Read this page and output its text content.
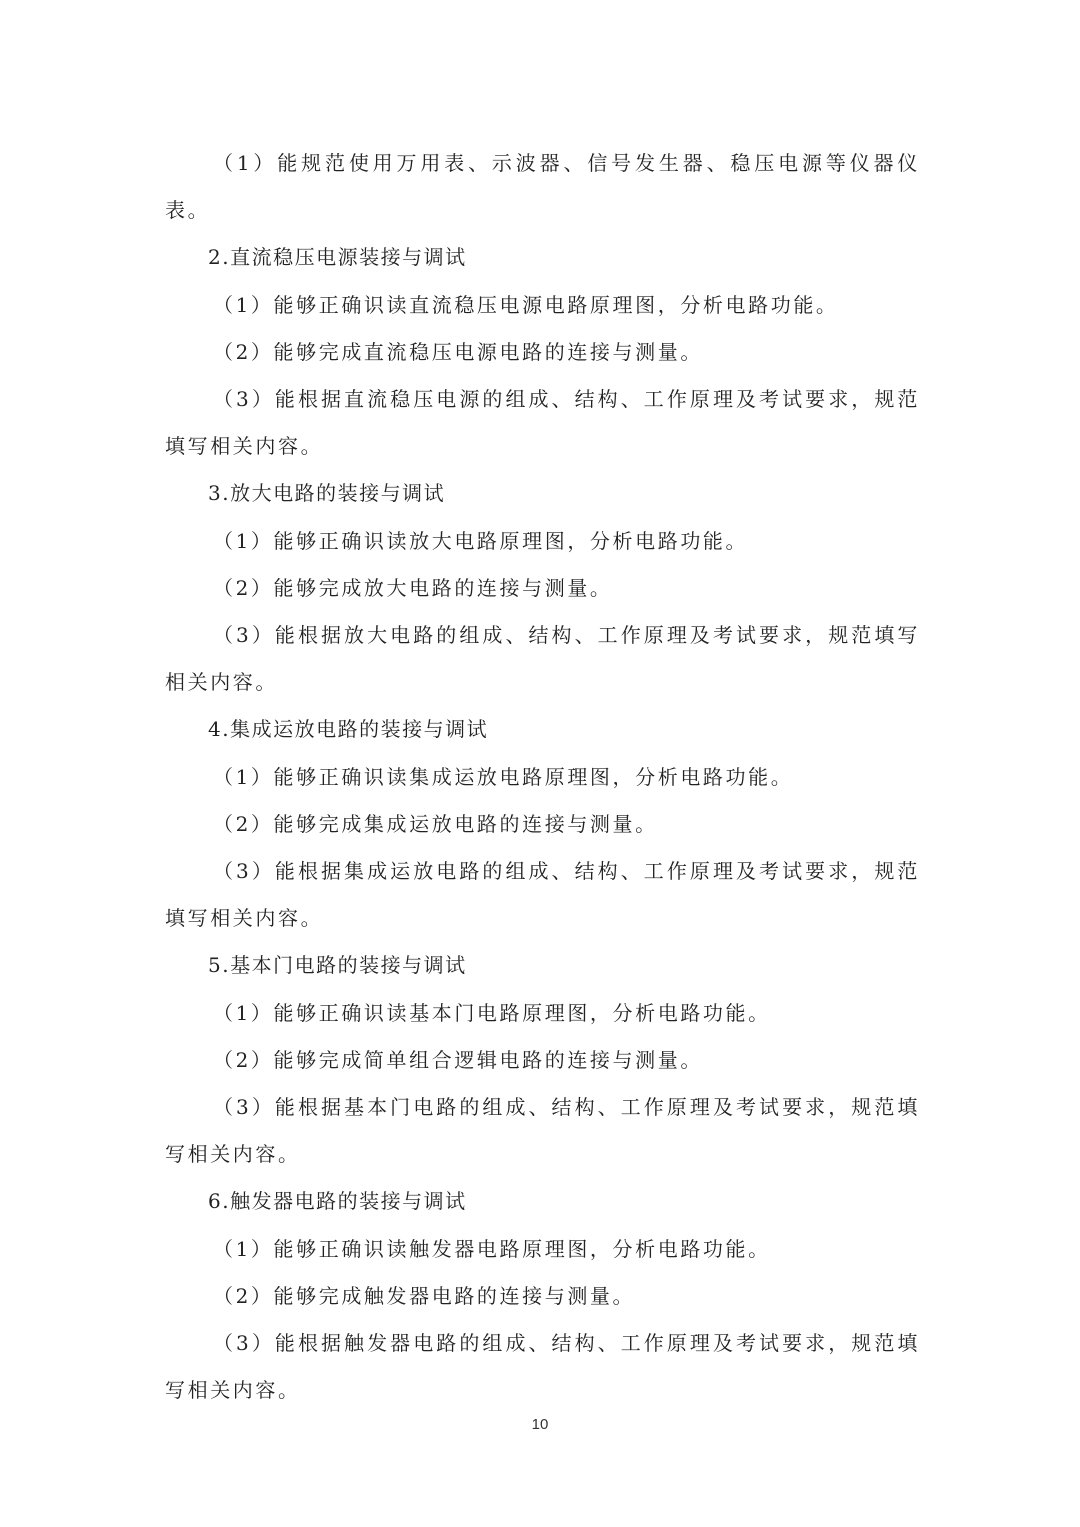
（1）能规范使用万用表、示波器、信号发生器、稳压电源等仪器仪表。

2.直流稳压电源装接与调试

（1）能够正确识读直流稳压电源电路原理图，分析电路功能。

（2）能够完成直流稳压电源电路的连接与测量。

（3）能根据直流稳压电源的组成、结构、工作原理及考试要求，规范填写相关内容。

3.放大电路的装接与调试

（1）能够正确识读放大电路原理图，分析电路功能。

（2）能够完成放大电路的连接与测量。

（3）能根据放大电路的组成、结构、工作原理及考试要求，规范填写相关内容。

4.集成运放电路的装接与调试

（1）能够正确识读集成运放电路原理图，分析电路功能。

（2）能够完成集成运放电路的连接与测量。

（3）能根据集成运放电路的组成、结构、工作原理及考试要求，规范填写相关内容。

5.基本门电路的装接与调试

（1）能够正确识读基本门电路原理图，分析电路功能。

（2）能够完成简单组合逻辑电路的连接与测量。

（3）能根据基本门电路的组成、结构、工作原理及考试要求，规范填写相关内容。

6.触发器电路的装接与调试

（1）能够正确识读触发器电路原理图，分析电路功能。

（2）能够完成触发器电路的连接与测量。

（3）能根据触发器电路的组成、结构、工作原理及考试要求，规范填写相关内容。

10
